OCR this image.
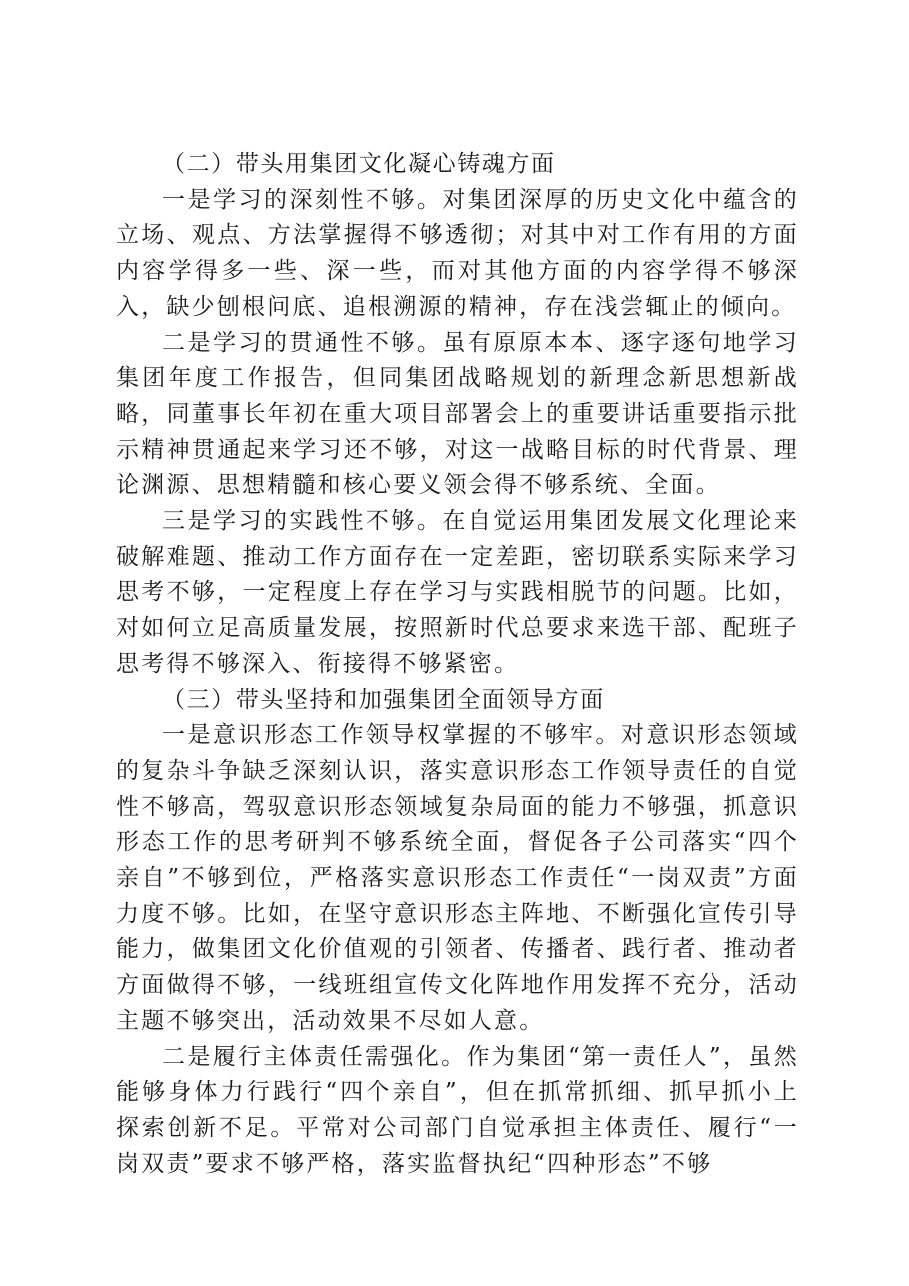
（二）带头用集团文化凝心铸魂方面

一是学习的深刻性不够。对集团深厚的历史文化中蕴含的立场、观点、方法掌握得不够透彻；对其中对工作有用的方面内容学得多一些、深一些，而对其他方面的内容学得不够深入，缺少刨根问底、追根溯源的精神，存在浅尝辄止的倾向。

二是学习的贯通性不够。虽有原原本本、逐字逐句地学习集团年度工作报告，但同集团战略规划的新理念新思想新战略，同董事长年初在重大项目部署会上的重要讲话重要指示批示精神贯通起来学习还不够，对这一战略目标的时代背景、理论渊源、思想精髓和核心要义领会得不够系统、全面。

三是学习的实践性不够。在自觉运用集团发展文化理论来破解难题、推动工作方面存在一定差距，密切联系实际来学习思考不够，一定程度上存在学习与实践相脱节的问题。比如，对如何立足高质量发展，按照新时代总要求来选干部、配班子思考得不够深入、衔接得不够紧密。

（三）带头坚持和加强集团全面领导方面

一是意识形态工作领导权掌握的不够牢。对意识形态领域的复杂斗争缺乏深刻认识，落实意识形态工作领导责任的自觉性不够高，驾驭意识形态领域复杂局面的能力不够强，抓意识形态工作的思考研判不够系统全面，督促各子公司落实“四个亲自”不够到位，严格落实意识形态工作责任“一岗双责”方面力度不够。比如，在坚守意识形态主阵地、不断强化宣传引导能力，做集团文化价值观的引领者、传播者、践行者、推动者方面做得不够，一线班组宣传文化阵地作用发挥不充分，活动主题不够突出，活动效果不尽如人意。

二是履行主体责任需强化。作为集团“第一责任人”，虽然能够身体力行践行“四个亲自”，但在抓常抓细、抓早抓小上探索创新不足。平常对公司部门自觉承担主体责任、履行“一岗双责”要求不够严格，落实监督执纪“四种形态”不够
